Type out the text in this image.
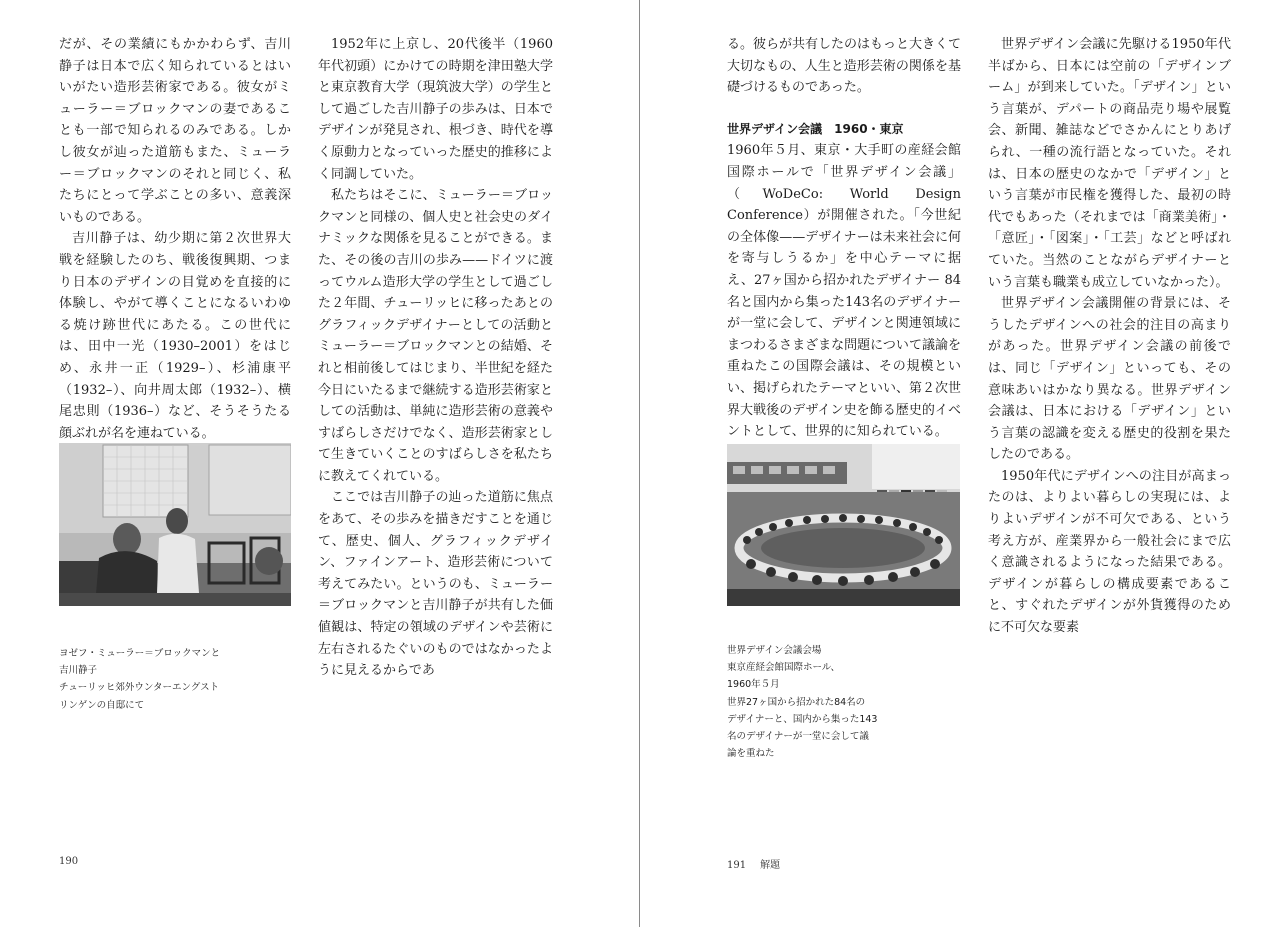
だが、その業績にもかかわらず、吉川静子は日本で広く知られているとはいいがたい造形芸術家である。彼女がミューラー＝ブロックマンの妻であることも一部で知られるのみである。しかし彼女が辿った道筋もまた、ミューラー＝ブロックマンのそれと同じく、私たちにとって学ぶことの多い、意義深いものである。

吉川静子は、幼少期に第２次世界大戦を経験したのち、戦後復興期、つまり日本のデザインの目覚めを直接的に体験し、やがて導くことになるいわゆる焼け跡世代にあたる。この世代には、田中一光（1930–2001）をはじめ、永井一正（1929–）、杉浦康平（1932–）、向井周太郎（1932–）、横尾忠則（1936–）など、そうそうたる顔ぶれが名を連ねている。

1952年に上京し、20代後半（1960年代初頭）にかけての時期を津田塾大学と東京教育大学（現筑波大学）の学生として過ごした吉川静子の歩みは、日本でデザインが発見され、根づき、時代を導く原動力となっていった歴史的推移によく同調していた。

私たちはそこに、ミューラー＝ブロックマンと同様の、個人史と社会史のダイナミックな関係を見ることができる。また、その後の吉川の歩み——ドイツに渡ってウルム造形大学の学生として過ごした２年間、チューリッヒに移ったあとのグラフィックデザイナーとしての活動とミューラー＝ブロックマンとの結婚、それと相前後してはじまり、半世紀を経た今日にいたるまで継続する造形芸術家としての活動は、単純に造形芸術の意義やすばらしさだけでなく、造形芸術家として生きていくことのすばらしさを私たちに教えてくれている。

ここでは吉川静子の辿った道筋に焦点をあて、その歩みを描きだすことを通じて、歴史、個人、グラフィックデザイン、ファインアート、造形芸術について考えてみたい。というのも、ミューラー＝ブロックマンと吉川静子が共有した価値観は、特定の領域のデザインや芸術に左右されるたぐいのものではなかったように見えるからであ

ヨゼフ・ミューラー＝ブロックマンと
吉川静子
チューリッヒ郊外ウンターエングスト
リンゲンの自邸にて
190

る。彼らが共有したのはもっと大きくて大切なもの、人生と造形芸術の関係を基礎づけるものであった。

世界デザイン会議　1960・東京

1960年５月、東京・大手町の産経会館国際ホールで「世界デザイン会議」（WoDeCo: World Design Conference）が開催された。「今世紀の全体像——デザイナーは未来社会に何を寄与しうるか」を中心テーマに据え、27ヶ国から招かれたデザイナー 84名と国内から集った143名のデザイナーが一堂に会して、デザインと関連領域にまつわるさまざまな問題について議論を重ねたこの国際会議は、その規模といい、掲げられたテーマといい、第２次世界大戦後のデザイン史を飾る歴史的イベントとして、世界的に知られている。

世界デザイン会議に先駆ける1950年代半ばから、日本には空前の「デザインブーム」が到来していた。「デザイン」という言葉が、デパートの商品売り場や展覧会、新聞、雑誌などでさかんにとりあげられ、一種の流行語となっていた。それは、日本の歴史のなかで「デザイン」という言葉が市民権を獲得した、最初の時代でもあった（それまでは「商業美術」・「意匠」・「図案」・「工芸」などと呼ばれていた。当然のことながらデザイナーという言葉も職業も成立していなかった）。

世界デザイン会議開催の背景には、そうしたデザインへの社会的注目の高まりがあった。世界デザイン会議の前後では、同じ「デザイン」といっても、その意味あいはかなり異なる。世界デザイン会議は、日本における「デザイン」という言葉の認識を変える歴史的役割を果たしたのである。

1950年代にデザインへの注目が高まったのは、よりよい暮らしの実現には、よりよいデザインが不可欠である、という考え方が、産業界から一般社会にまで広く意識されるようになった結果である。デザインが暮らしの構成要素であること、すぐれたデザインが外貨獲得のために不可欠な要素

世界デザイン会議会場
東京産経会館国際ホール、
1960年５月
世界27ヶ国から招かれた84名の
デザイナーと、国内から集った143
名のデザイナーが一堂に会して議
論を重ねた
191 解題
